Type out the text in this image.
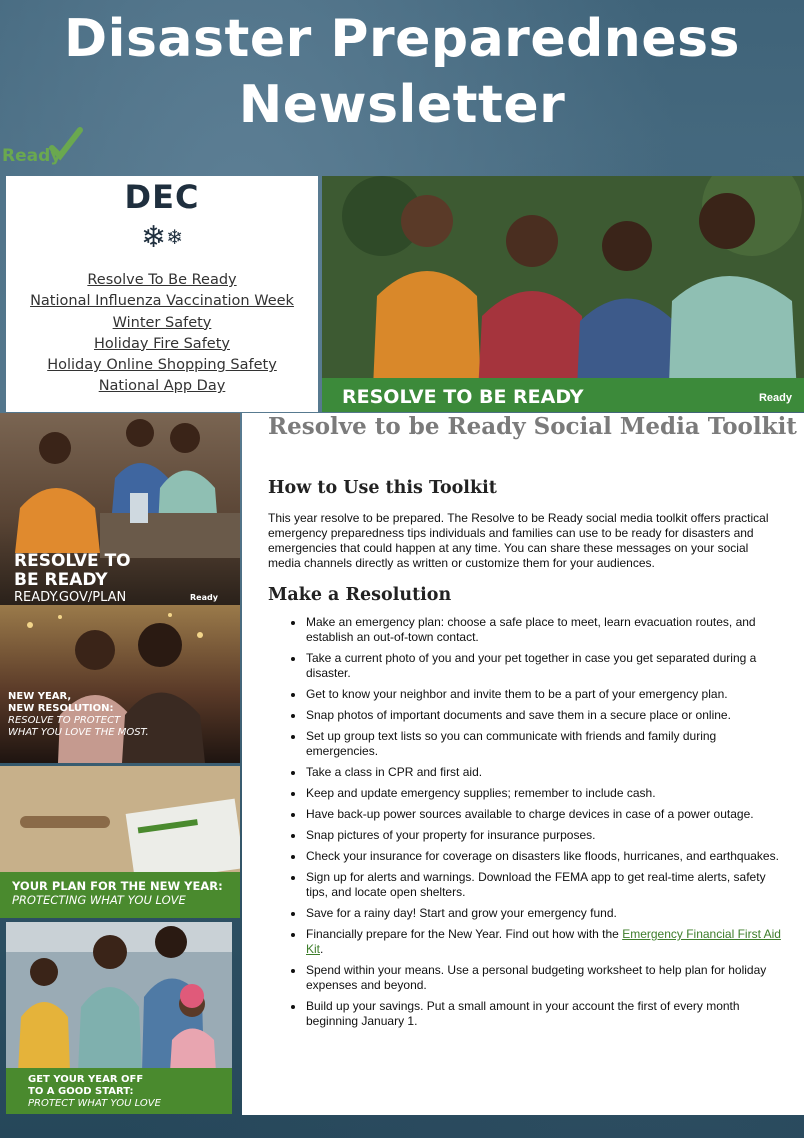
Disaster Preparedness
Newsletter
Ready
DEC
❄❄
Resolve To Be Ready
National Influenza Vaccination Week
Winter Safety
Holiday Fire Safety
Holiday Online Shopping Safety
National App Day	RESOLVE TO BE READY	Ready
RESOLVE TO
BE READY
READY.GOV/PLAN	Ready
NEW YEAR,
NEW RESOLUTION:
RESOLVE TO PROTECT
WHAT YOU LOVE THE MOST.
YOUR PLAN FOR THE NEW YEAR:
PROTECTING WHAT YOU LOVE
GET YOUR YEAR OFF
TO A GOOD START:
PROTECT WHAT YOU LOVE
Resolve to be Ready Social Media Toolkit
How to Use this Toolkit
This year resolve to be prepared. The Resolve to be Ready social media toolkit offers practical emergency preparedness tips individuals and families can use to be ready for disasters and emergencies that could happen at any time. You can share these messages on your social media channels directly as written or customize them for your audiences.
Make a Resolution
• Make an emergency plan: choose a safe place to meet, learn evacuation routes, and establish an out-of-town contact.
• Take a current photo of you and your pet together in case you get separated during a disaster.
• Get to know your neighbor and invite them to be a part of your emergency plan.
• Snap photos of important documents and save them in a secure place or online.
• Set up group text lists so you can communicate with friends and family during emergencies.
• Take a class in CPR and first aid.
• Keep and update emergency supplies; remember to include cash.
• Have back-up power sources available to charge devices in case of a power outage.
• Snap pictures of your property for insurance purposes.
• Check your insurance for coverage on disasters like floods, hurricanes, and earthquakes.
• Sign up for alerts and warnings. Download the FEMA app to get real-time alerts, safety tips, and locate open shelters.
• Save for a rainy day! Start and grow your emergency fund.
• Financially prepare for the New Year. Find out how with the Emergency Financial First Aid Kit.
• Spend within your means. Use a personal budgeting worksheet to help plan for holiday expenses and beyond.
• Build up your savings. Put a small amount in your account the first of every month beginning January 1.
